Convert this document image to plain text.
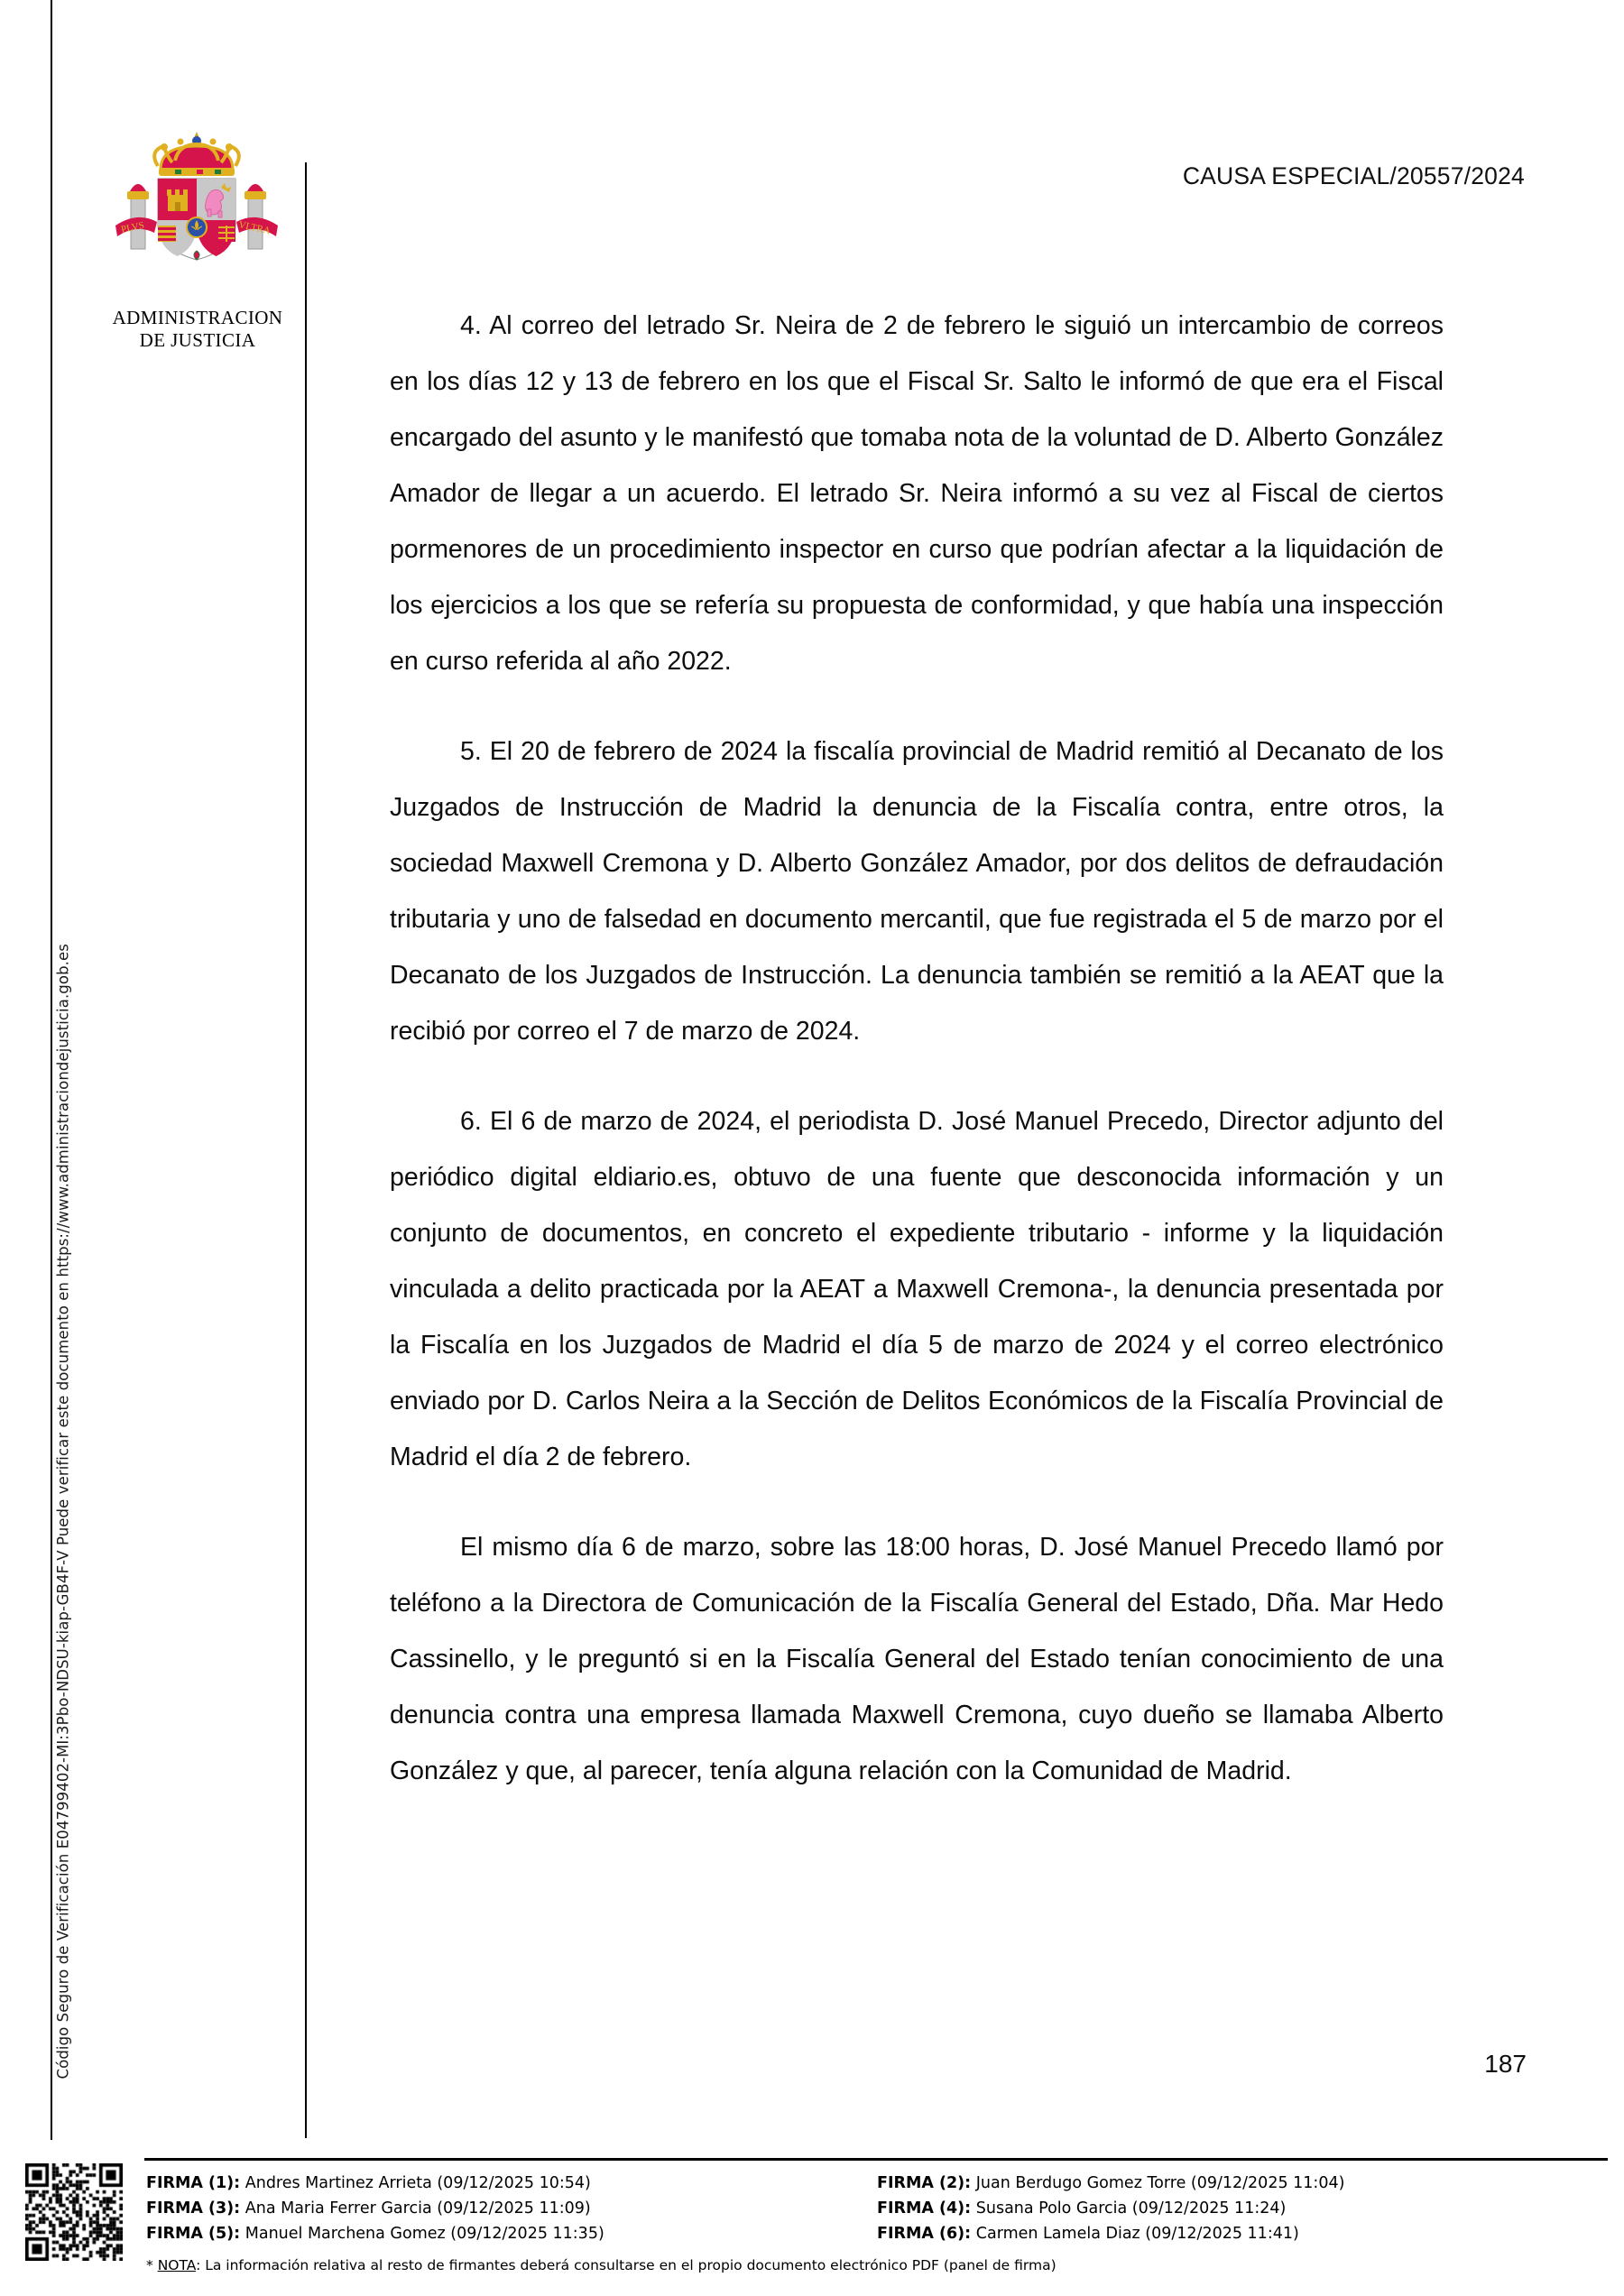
Código Seguro de Verificación E04799402-MI:3Pbo-NDSU-kiap-GB4F-V Puede verificar este documento en https://www.administraciondejusticia.gob.es
PLVS	VLTRA
ADMINISTRACION
DE JUSTICIA
CAUSA ESPECIAL/20557/2024

4. Al correo del letrado Sr. Neira de 2 de febrero le siguió un intercambio de correos en los días 12 y 13 de febrero en los que el Fiscal Sr. Salto le informó de que era el Fiscal encargado del asunto y le manifestó que tomaba nota de la voluntad de D. Alberto González Amador de llegar a un acuerdo. El letrado Sr. Neira informó a su vez al Fiscal de ciertos pormenores de un procedimiento inspector en curso que podrían afectar a la liquidación de los ejercicios a los que se refería su propuesta de conformidad, y que había una inspección en curso referida al año 2022.

5. El 20 de febrero de 2024 la fiscalía provincial de Madrid remitió al Decanato de los Juzgados de Instrucción de Madrid la denuncia de la Fiscalía contra, entre otros, la sociedad Maxwell Cremona y D. Alberto González Amador, por dos delitos de defraudación tributaria y uno de falsedad en documento mercantil, que fue registrada el 5 de marzo por el Decanato de los Juzgados de Instrucción. La denuncia también se remitió a la AEAT que la recibió por correo el 7 de marzo de 2024.

6. El 6 de marzo de 2024, el periodista D. José Manuel Precedo, Director adjunto del periódico digital eldiario.es, obtuvo de una fuente que desconocida información y un conjunto de documentos, en concreto el expediente tributario - informe y la liquidación vinculada a delito practicada por la AEAT a Maxwell Cremona-, la denuncia presentada por la Fiscalía en los Juzgados de Madrid el día 5 de marzo de 2024 y el correo electrónico enviado por D. Carlos Neira a la Sección de Delitos Económicos de la Fiscalía Provincial de Madrid el día 2 de febrero.

El mismo día 6 de marzo, sobre las 18:00 horas, D. José Manuel Precedo llamó por teléfono a la Directora de Comunicación de la Fiscalía General del Estado, Dña. Mar Hedo Cassinello, y le preguntó si en la Fiscalía General del Estado tenían conocimiento de una denuncia contra una empresa llamada Maxwell Cremona, cuyo dueño se llamaba Alberto González y que, al parecer, tenía alguna relación con la Comunidad de Madrid.

187
FIRMA (1): Andres Martinez Arrieta (09/12/2025 10:54)	FIRMA (2): Juan Berdugo Gomez Torre (09/12/2025 11:04)
FIRMA (3): Ana Maria Ferrer Garcia (09/12/2025 11:09)	FIRMA (4): Susana Polo Garcia (09/12/2025 11:24)
FIRMA (5): Manuel Marchena Gomez (09/12/2025 11:35)	FIRMA (6): Carmen Lamela Diaz (09/12/2025 11:41)
* NOTA: La información relativa al resto de firmantes deberá consultarse en el propio documento electrónico PDF (panel de firma)
